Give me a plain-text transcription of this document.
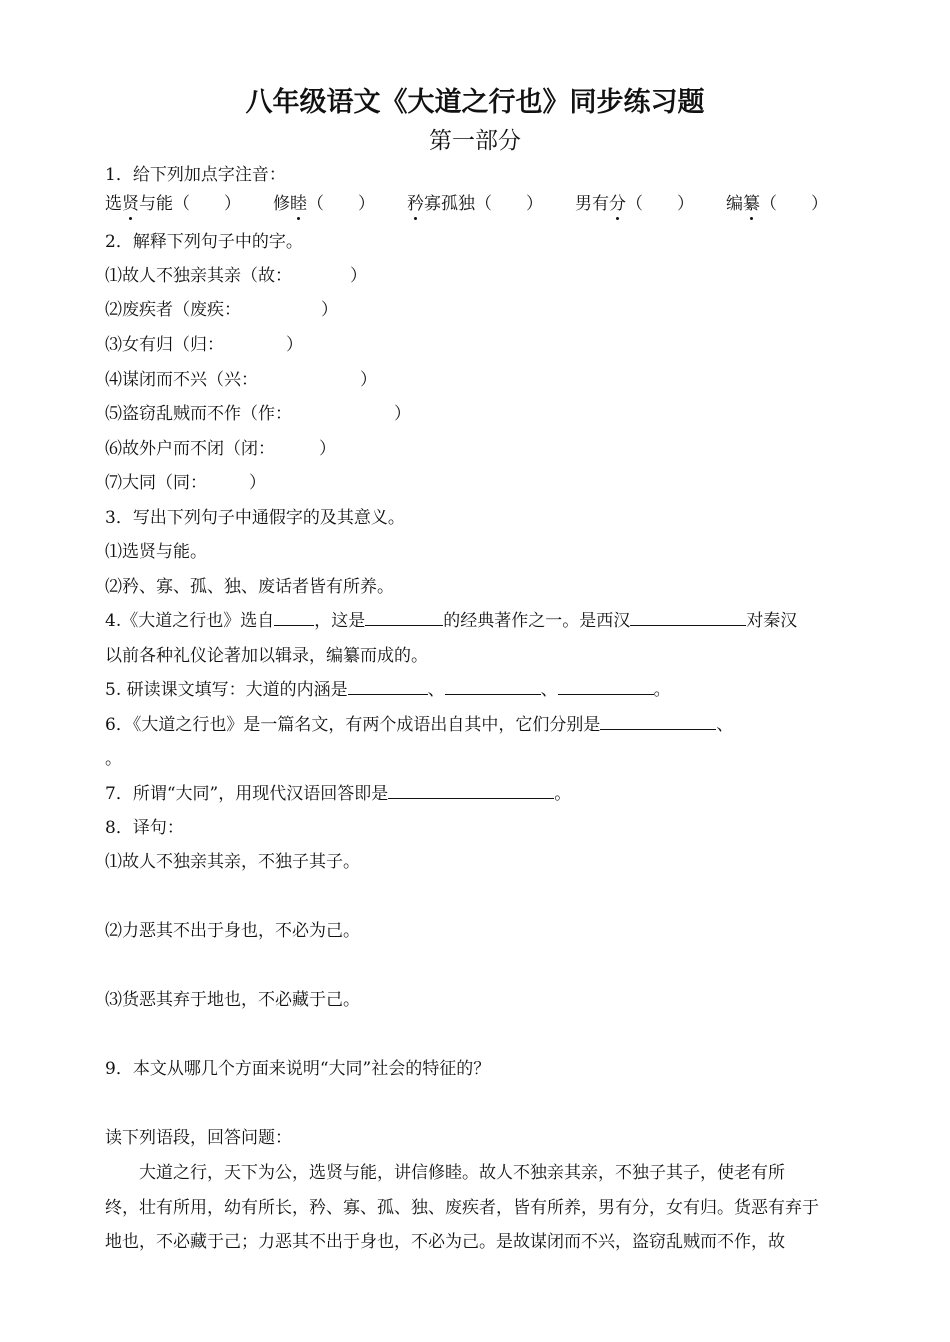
八年级语文《大道之行也》同步练习题
第一部分
1．给下列加点字注音：
选贤与能（ ） 修睦（ ） 矜寡孤独（ ） 男有分（ ） 编纂（ ）
2．解释下列句子中的字。
⑴故人不独亲其亲（故：	）
⑵废疾者（废疾：	）
⑶女有归（归：	）
⑷谋闭而不兴（兴：	）
⑸盗窃乱贼而不作（作：	）
⑹故外户而不闭（闭：	）
⑺大同（同： ）
3．写出下列句子中通假字的及其意义。
⑴选贤与能。
⑵矜、寡、孤、独、废话者皆有所养。
4.《大道之行也》选自 ，这是	的经典著作之一。是西汉	对秦汉
以前各种礼仪论著加以辑录，编纂而成的。
5. 研读课文填写：大道的内涵是	、	、	。
6．《大道之行也》是一篇名文，有两个成语出自其中，它们分别是	、
。
7．所谓“大同”，用现代汉语回答即是	。
8．译句：
⑴故人不独亲其亲，不独子其子。
⑵力恶其不出于身也，不必为己。
⑶货恶其弃于地也，不必藏于己。
9．本文从哪几个方面来说明“大同”社会的特征的？
读下列语段，回答问题：
大道之行，天下为公，选贤与能，讲信修睦。故人不独亲其亲，不独子其子，使老有所
终，壮有所用，幼有所长，矜、寡、孤、独、废疾者，皆有所养，男有分，女有归。货恶有弃于
地也，不必藏于己；力恶其不出于身也，不必为己。是故谋闭而不兴，盗窃乱贼而不作，故
